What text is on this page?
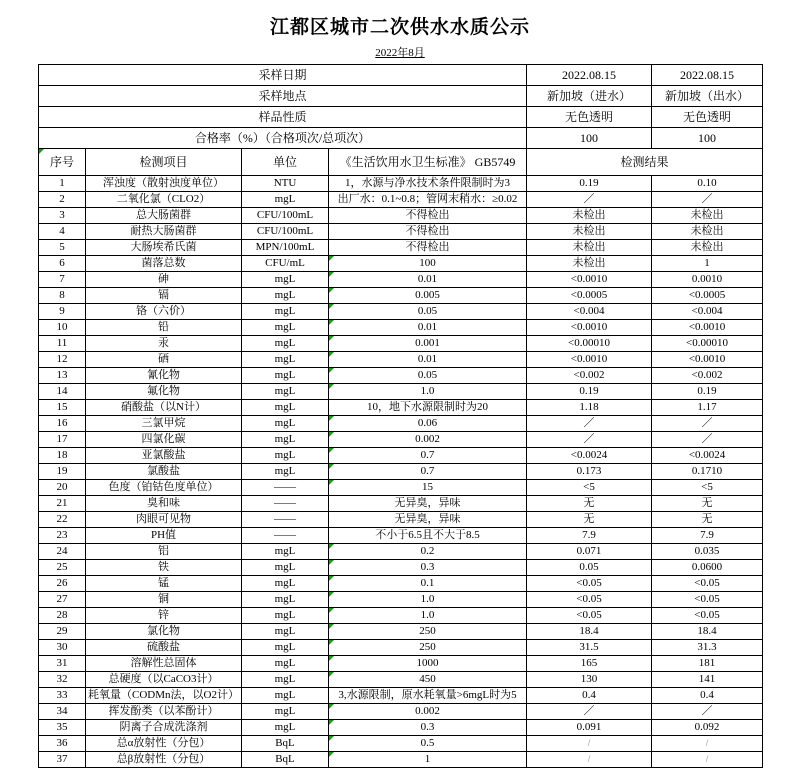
江都区城市二次供水水质公示
2022年8月
采样日期				2022.08.15	2022.08.15
采样地点				新加坡（进水）	新加坡（出水）
样品性质				无色透明	无色透明
合格率（%）（合格项次/总项次）				100	100
序号	检测项目	单位	《生活饮用水卫生标准》 GB5749	检测结果	
1	浑浊度（散射浊度单位）	NTU	1，水源与净水技术条件限制时为3	0.19	0.10
2	二氧化氯（CLO2）	mgL	出厂水：0.1~0.8；管网末稍水：≥0.02	／	／
3	总大肠菌群	CFU/100mL	不得检出	未检出	未检出
4	耐热大肠菌群	CFU/100mL	不得检出	未检出	未检出
5	大肠埃希氏菌	MPN/100mL	不得检出	未检出	未检出
6	菌落总数	CFU/mL	100	未检出	1
7	砷	mgL	0.01	<0.0010	0.0010
8	镉	mgL	0.005	<0.0005	<0.0005
9	铬（六价）	mgL	0.05	<0.004	<0.004
10	铅	mgL	0.01	<0.0010	<0.0010
11	汞	mgL	0.001	<0.00010	<0.00010
12	硒	mgL	0.01	<0.0010	<0.0010
13	氰化物	mgL	0.05	<0.002	<0.002
14	氟化物	mgL	1.0	0.19	0.19
15	硝酸盐（以N计）	mgL	10，地下水源限制时为20	1.18	1.17
16	三氯甲烷	mgL	0.06	／	／
17	四氯化碳	mgL	0.002	／	／
18	亚氯酸盐	mgL	0.7	<0.0024	<0.0024
19	氯酸盐	mgL	0.7	0.173	0.1710
20	色度（铂钴色度单位）	——	15	<5	<5
21	臭和味	——	无异臭，异味	无	无
22	肉眼可见物	——	无异臭，异味	无	无
23	PH值	——	不小于6.5且不大于8.5	7.9	7.9
24	铝	mgL	0.2	0.071	0.035
25	铁	mgL	0.3	0.05	0.0600
26	锰	mgL	0.1	<0.05	<0.05
27	铜	mgL	1.0	<0.05	<0.05
28	锌	mgL	1.0	<0.05	<0.05
29	氯化物	mgL	250	18.4	18.4
30	硫酸盐	mgL	250	31.5	31.3
31	溶解性总固体	mgL	1000	165	181
32	总硬度（以CaCO3计）	mgL	450	130	141
33	耗氧量（CODMn法，以O2计）	mgL	3,水源限制，原水耗氧量>6mgL时为5	0.4	0.4
34	挥发酚类（以苯酚计）	mgL	0.002	／	／
35	阴离子合成洗涤剂	mgL	0.3	0.091	0.092
36	总α放射性（分包）	BqL	0.5	/	/
37	总β放射性（分包）	BqL	1	/	/
